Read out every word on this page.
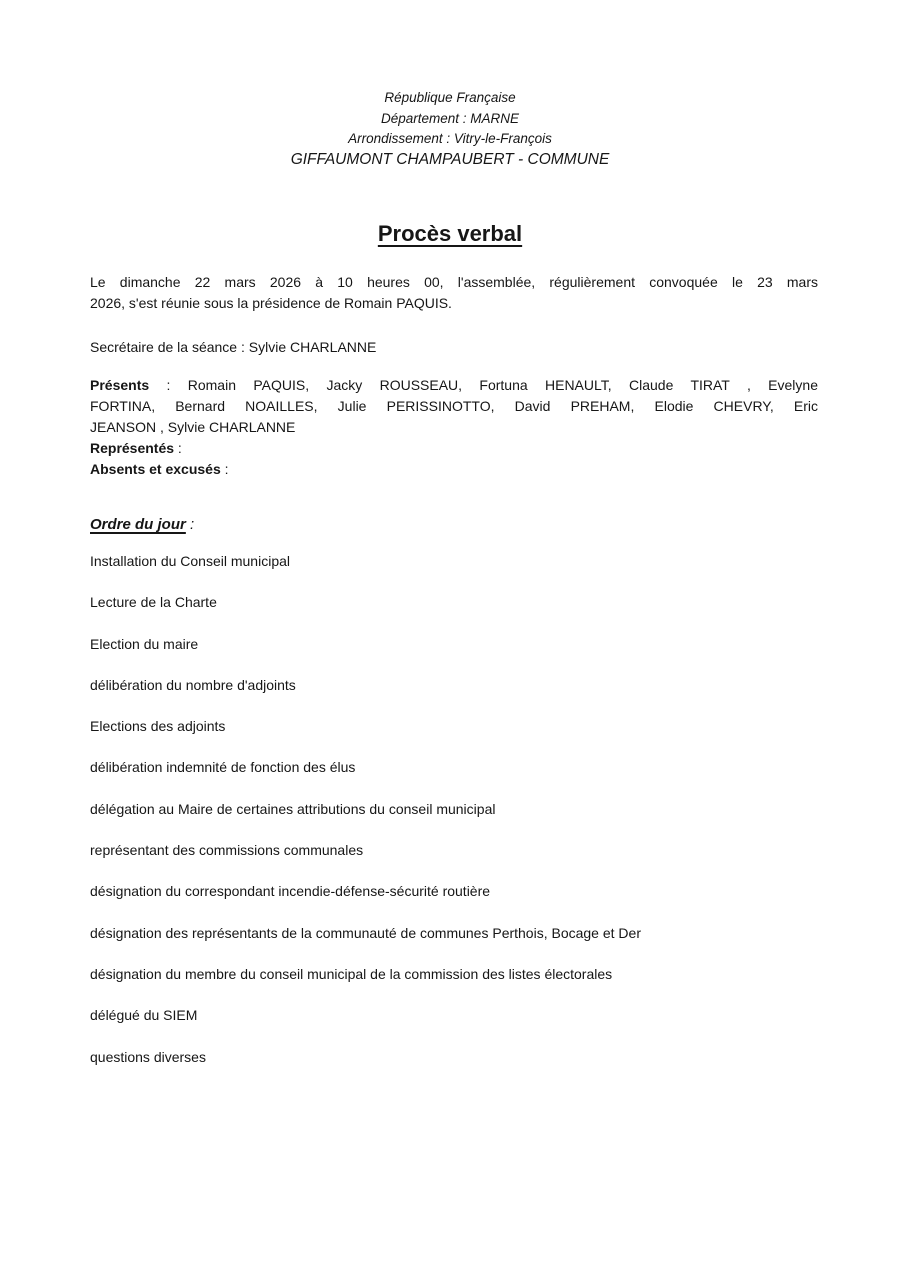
République Française
Département : MARNE
Arrondissement : Vitry-le-François
GIFFAUMONT CHAMPAUBERT - COMMUNE
Procès verbal
Le dimanche 22 mars 2026 à 10 heures 00, l'assemblée, régulièrement convoquée le 23 mars
2026, s'est réunie sous la présidence de Romain PAQUIS.
Secrétaire de la séance : Sylvie CHARLANNE
Présents : Romain PAQUIS, Jacky ROUSSEAU, Fortuna HENAULT, Claude TIRAT , Evelyne
FORTINA, Bernard NOAILLES, Julie PERISSINOTTO, David PREHAM, Elodie CHEVRY, Eric
JEANSON , Sylvie CHARLANNE
Représentés :
Absents et excusés :
Ordre du jour :
Installation du Conseil municipal
Lecture de la Charte
Election du maire
délibération du nombre d'adjoints
Elections des adjoints
délibération indemnité de fonction des élus
délégation au Maire de certaines attributions du conseil municipal
représentant des commissions communales
désignation du correspondant incendie-défense-sécurité routière
désignation des représentants de la communauté de communes Perthois, Bocage et Der
désignation du membre du conseil municipal de la commission des listes électorales
délégué du SIEM
questions diverses
